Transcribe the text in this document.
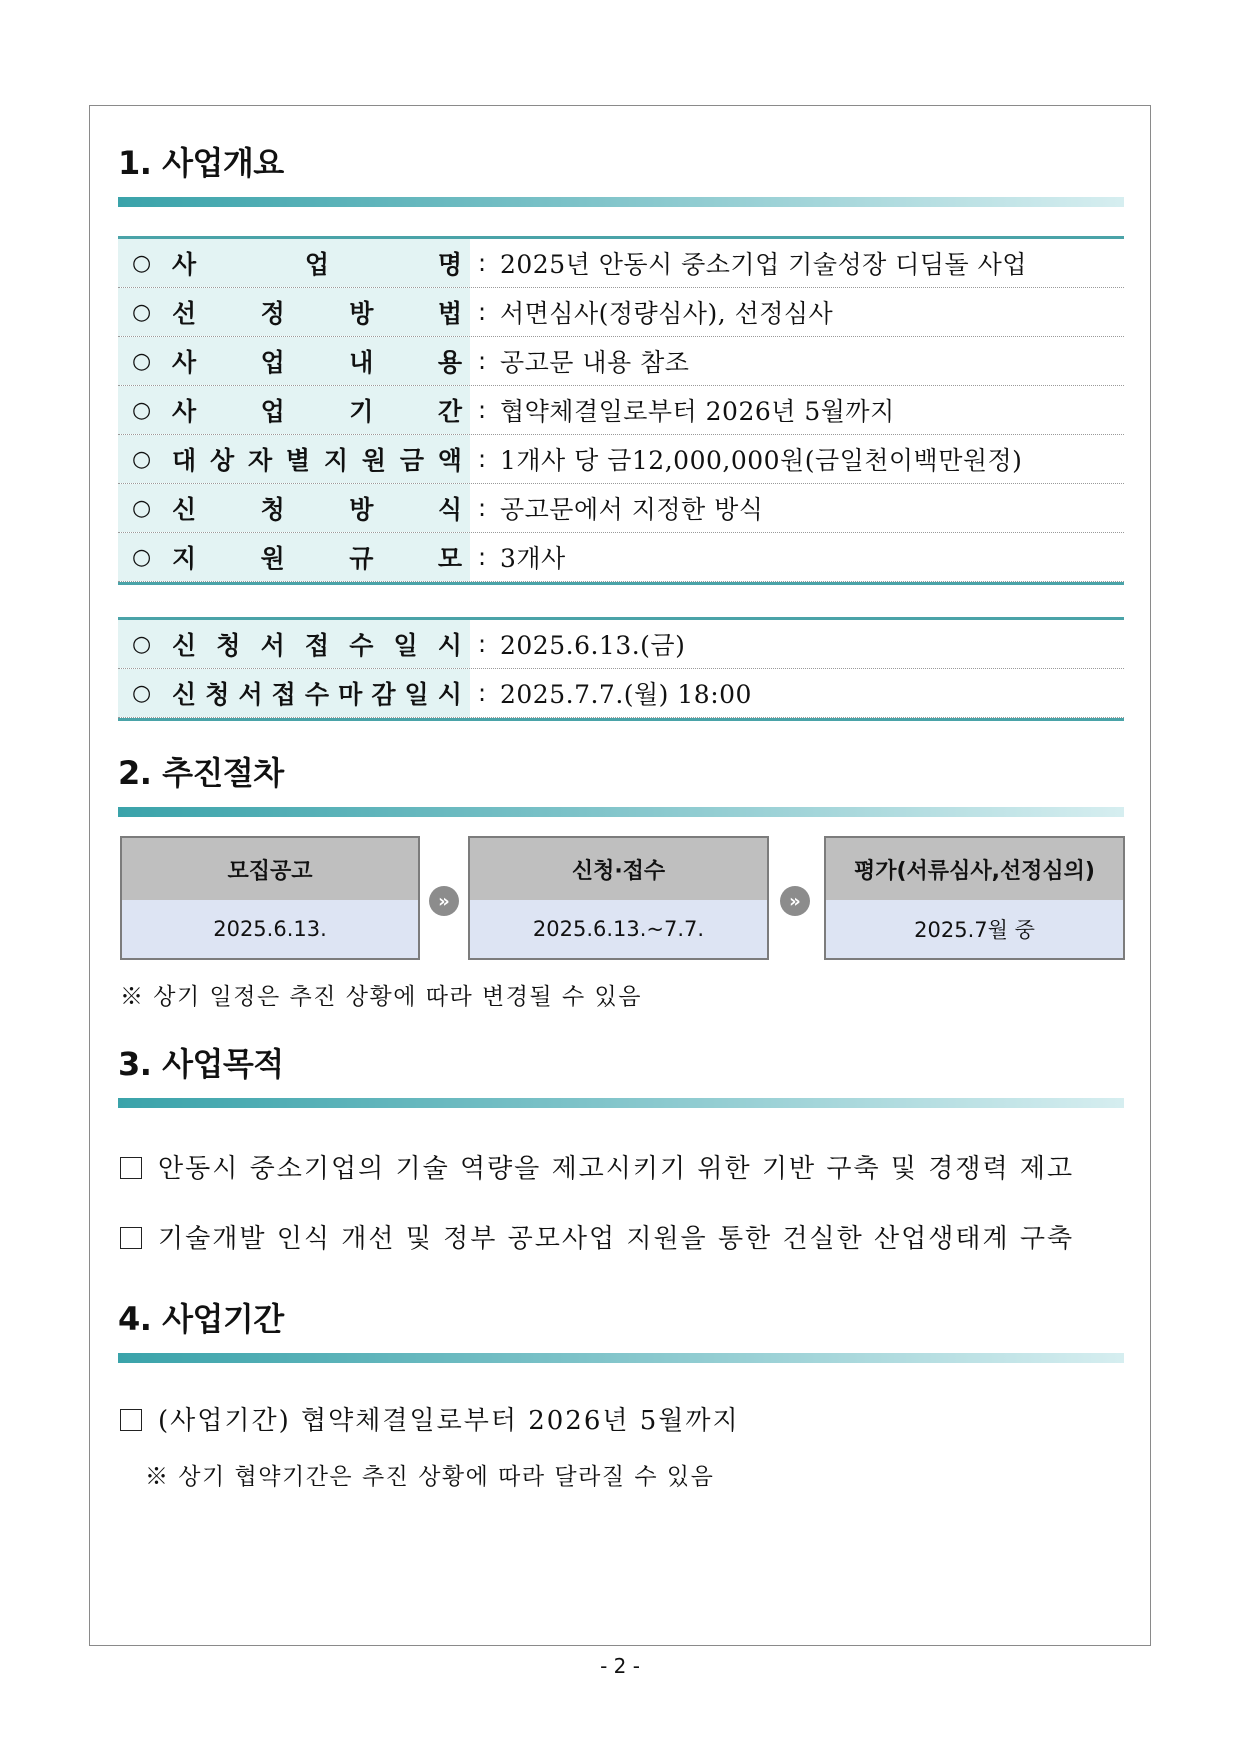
1. 사업개요
○ 사	업	명 : 2025년 안동시 중소기업 기술성장 디딤돌 사업
○ 선	정	방	법 : 서면심사(정량심사), 선정심사
○ 사	업	내	용 : 공고문 내용 참조
○ 사	업	기	간 : 협약체결일로부터 2026년 5월까지
○ 대 상 자 별 지 원 금 액 : 1개사 당 금12,000,000원(금일천이백만원정)
○ 신	청	방	식 : 공고문에서 지정한 방식
○ 지	원	규	모 : 3개사
○ 신 청 서 접 수 일 시 : 2025.6.13.(금)
○ 신 청 서 접 수 마 감 일 시 : 2025.7.7.(월) 18:00
2. 추진절차
모집공고
2025.6.13.
»
신청·접수
2025.6.13.~7.7.
»
평가(서류심사,선정심의)
2025.7월 중
※ 상기 일정은 추진 상황에 따라 변경될 수 있음
3. 사업목적
안동시 중소기업의 기술 역량을 제고시키기 위한 기반 구축 및 경쟁력 제고
기술개발 인식 개선 및 정부 공모사업 지원을 통한 건실한 산업생태계 구축
4. 사업기간
(사업기간) 협약체결일로부터 2026년 5월까지
※ 상기 협약기간은 추진 상황에 따라 달라질 수 있음
- 2 -
